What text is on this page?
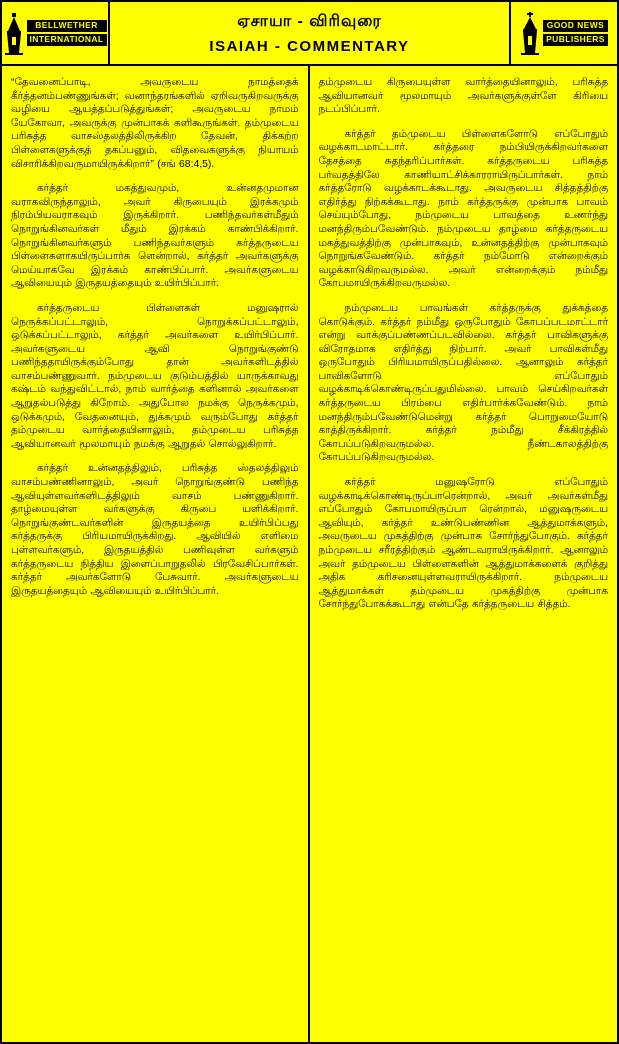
BELLWETHER
INTERNATIONAL
ஏசாயா - விரிவுரை
ISAIAH - COMMENTARY
GOOD NEWS
PUBLISHERS

“தேவனைப்பாடி, அவருடைய நாமத்தைக் கீர்த்தனம்பண்ணுங்கள்; வனாந்தரங்களில் ஏறிவருகிறவருக்கு வழியை ஆயத்தப்படுத்துங்கள்; அவருடைய நாமம் யேகோவா, அவருக்கு முன்பாகக் களிகூருங்கள். தம்முடைய பரிசுத்த வாசஸ்தலத்திலிருக்கிற தேவன், திக்கற்ற பிள்ளைகளுக்குத் தகப்பனும், விதவைகளுக்கு நியாயம் விசாரிக்கிறவருமாயிருக்கிறார்” (சங் 68:4,5).

கர்த்தர் மகத்துவமும், உன்னதமுமான வராகவிருந்தாலும், அவர் கிருபையும் இரக்கமும் நிரம்பியவராகவும் இருக்கிறார். பணிந்தவர்கள்மீதும் நொறுங்கினவர்கள் மீதும் இரக்கம் காண்பிக்கிறார். நொறுங்கினவர்களும் பணிந்தவர்களும் கர்த்தருடைய பிள்ளைகளாகயிருப்பார்க ளென்றால், கர்த்தர் அவர்களுக்கு மெய்யாகவே இரக்கம் காண்பிப்பார். அவர்களுடைய ஆவியையும் இருதயத்தையும் உயிர்பிப்பார்.

கர்த்தருடைய பிள்ளைகள் மனுஷரால் நெருக்கப்பட்டாலும், நொறுக்கப்பட்டாலும், ஒடுக்கப்பட்டாலும், கர்த்தர் அவர்களை உயிர்பிப்பார். அவர்களுடைய ஆவி நொறுங்குண்டு பணிந்ததாயிருக்கும்போது தான் அவர்களிடத்தில் வாசம்பண்ணுவார். நம்முடைய குடும்பத்தில் யாருக்காவது கஷ்டம் வந்துவிட்டால், நாம் வார்த்தை களினால் அவர்களை ஆறுதல்படுத்து கிறோம். அதுபோல நமக்கு நெருக்கமும், ஒடுக்கமும், வேதனையும், துக்கமும் வரும்போது கர்த்தர் தம்முடைய வார்த்தையினாலும், தம்முடைய பரிசுத்த ஆவியானவர் மூலமாயும் நமக்கு ஆறுதல் சொல்லுகிறார்.

கர்த்தர் உன்னதத்திலும், பரிசுத்த ஸ்தலத்திலும் வாசம்பண்ணினாலும், அவர் நொறுங்குண்டு பணிந்த ஆவியுள்ளவர்களிடத்திலும் வாசம் பண்ணுகிறார். தாழ்மையுள்ள வர்களுக்கு கிருபை யளிக்கிறார். நொறுங்குண்டவர்களின் இருதயத்தை உயிர்பிப்பது கர்த்தருக்கு பிரியமாயிருக்கிறது. ஆவியில் எளிமை புள்ளவர்களும், இருதயத்தில் பணிவுள்ள வர்களும் கர்த்தருடைய நித்திய இளைப்பாறுதலில் பிரவேசிப்பார்கள். கர்த்தர் அவர்களோடு பேசுவார். அவர்களுடைய இருதயத்தையும் ஆவியையும் உயிர்பிப்பார்.

தம்முடைய கிருபையுள்ள வார்த்தையினாலும், பரிசுத்த ஆவியானவர் மூலமாயும் அவர்களுக்குள்ளே கிரியை நடப்பிப்பார்.

கர்த்தர் தம்முடைய பிள்ளைகளோடு எப்போதும் வழக்காடமாட்டார். கர்த்தரை நம்பியிருக்கிறவர்களை தேசத்தை சுதந்தரிப்பார்கள். கர்த்தருடைய பரிசுத்த பர்வதத்திலே காணியாட்சிக்காரராயிருப்பார்கள். நாம் கர்த்தரோடு வழக்காடக்கூடாது. அவருடைய சித்தத்திற்கு எதிர்த்து நிற்கக்கூடாது. நாம் கர்த்தருக்கு முன்பாக பாவம் செய்யும்போது, நம்முடைய பாவத்தை உணர்ந்து மனந்திரும்பவேண்டும். நம்முடைய தாழ்மை கர்த்தருடைய மகத்துவத்திற்கு முன்பாகவும், உன்னதத்திற்கு முன்பாகவும் நொறுங்கவேண்டும். கர்த்தர் நம்மோடு என்றைக்கும் வழக்காடுகிறவருமல்ல. அவர் என்றைக்கும் நம்மீது கோபமாயிருக்கிறவருமல்ல.

நம்முடைய பாவங்கள் கர்த்தருக்கு துக்கத்தை கொடுக்கும். கர்த்தர் நம்மீது ஒருபோதும் கோபப்படமாட்டார் என்று வாக்குப்பண்ணப்படவில்லை. கர்த்தர் பாவிகளுக்கு விரோதமாக எதிர்த்து நிற்பார். அவர் பாவிகள்மீது ஒருபோதும் பிரியமாயிருப்பதில்லை. ஆனாலும் கர்த்தர் பாவிகளோடு எப்போதும் வழக்காடிக்கொண்டிருப்பதுமில்லை. பாவம் செய்கிறவர்கள் கர்த்தருடைய பிரம்பை எதிர்பார்க்கவேண்டும். நாம் மனந்திரும்பவேண்டுமென்று கர்த்தர் பொறுமையோடு காத்திருக்கிறார். கர்த்தர் நம்மீது சீக்கிரத்தில் கோபப்படுகிறவருமல்ல. நீண்டகாலத்திற்கு கோபப்படுகிறவருமல்ல.

கர்த்தர் மனுஷரோடு எப்போதும் வழக்காடிக்கொண்டிருப்பாரென்றால், அவர் அவர்கள்மீது எப்போதும் கோபமாயிருப்பா ரென்றால், மனுஷருடைய ஆவியும், கர்த்தர் உண்டுபண்ணின ஆத்துமாக்களும், அவருடைய முகத்திற்கு முன்பாக சோர்ந்துபோகும். கர்த்தர் நம்முடைய சரீரத்திற்கும் ஆண்டவராயிருக்கிறார். ஆனாலும் அவர் தம்முடைய பிள்ளைகளின் ஆத்துமாக்களைக் குறித்து அதிக கரிசனையுள்ளவராயிருக்கிறார். நம்முடைய ஆத்துமாக்கள் தம்முடைய முகத்திற்கு முன்பாக சோர்ந்துபோகக்கூடாது என்பதே கர்த்தருடைய சித்தம்.
